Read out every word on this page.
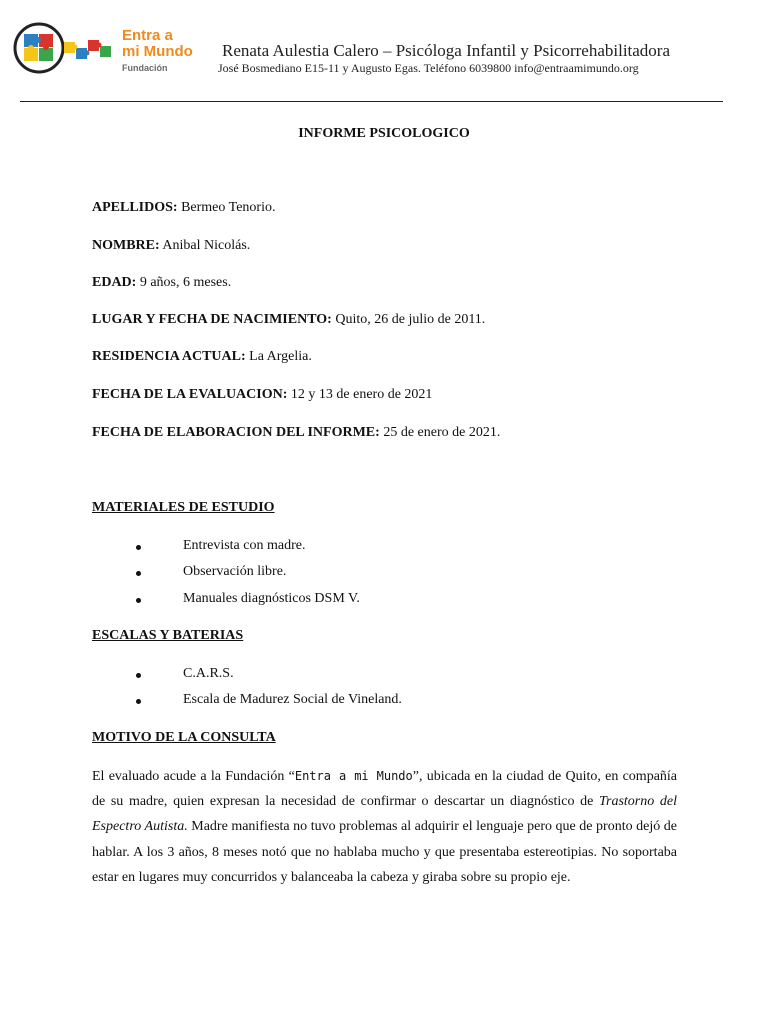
Entra a
mi Mundo
Fundación
Renata Aulestia Calero – Psicóloga Infantil y Psicorrehabilitadora
José Bosmediano E15-11 y Augusto Egas. Teléfono 6039800 info@entraamimundo.org
INFORME PSICOLOGICO
APELLIDOS: Bermeo Tenorio.
NOMBRE: Anibal Nicolás.
EDAD: 9 años, 6 meses.
LUGAR Y FECHA DE NACIMIENTO: Quito, 26 de julio de 2011.
RESIDENCIA ACTUAL: La Argelia.
FECHA DE LA EVALUACION: 12 y 13 de enero de 2021
FECHA DE ELABORACION DEL INFORME: 25 de enero de 2021.
MATERIALES DE ESTUDIO
Entrevista con madre.
Observación libre.
Manuales diagnósticos DSM V.
ESCALAS Y BATERIAS
C.A.R.S.
Escala de Madurez Social de Vineland.
MOTIVO DE LA CONSULTA
El evaluado acude a la Fundación “Entra a mi Mundo”, ubicada en la ciudad de Quito, en compañía de su madre, quien expresan la necesidad de confirmar o descartar un diagnóstico de Trastorno del Espectro Autista. Madre manifiesta no tuvo problemas al adquirir el lenguaje pero que de pronto dejó de hablar. A los 3 años, 8 meses notó que no hablaba mucho y que presentaba estereotipias. No soportaba estar en lugares muy concurridos y balanceaba la cabeza y giraba sobre su propio eje.
